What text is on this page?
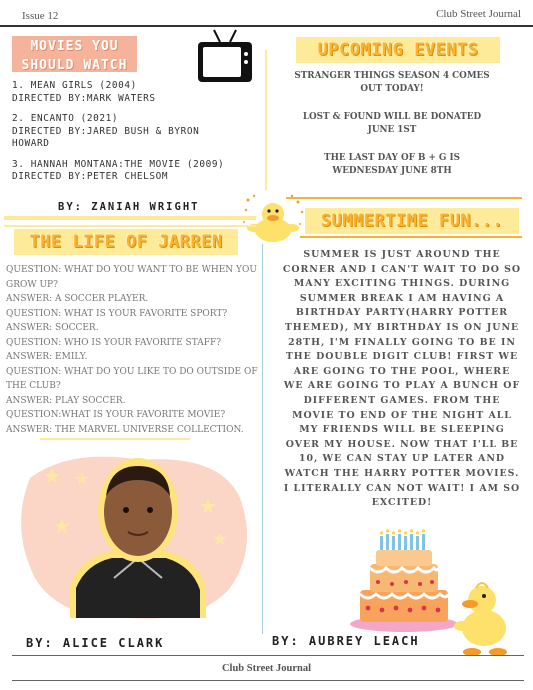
Issue 12	Club Street Journal
MOVIES YOU
SHOULD WATCH
1. MEAN GIRLS (2004)
DIRECTED BY:MARK WATERS
2. ENCANTO (2021)
DIRECTED BY:JARED BUSH & BYRON HOWARD
3. HANNAH MONTANA:THE MOVIE (2009)
DIRECTED BY:PETER CHELSOM
BY: ZANIAH WRIGHT
UPCOMING EVENTS

STRANGER THINGS SEASON 4 COMES OUT TODAY!

LOST & FOUND WILL BE DONATED JUNE 1ST

THE LAST DAY OF B + G IS WEDNESDAY JUNE 8TH

SUMMERTIME FUN...
THE LIFE OF JARREN
QUESTION: WHAT DO YOU WANT TO BE WHEN YOU GROW UP?
ANSWER: A SOCCER PLAYER.
QUESTION: WHAT IS YOUR FAVORITE SPORT?
ANSWER: SOCCER.
QUESTION: WHO IS YOUR FAVORITE STAFF?
ANSWER: EMILY.
QUESTION: WHAT DO YOU LIKE TO DO OUTSIDE OF THE CLUB?
ANSWER: PLAY SOCCER.
QUESTION:WHAT IS YOUR FAVORITE MOVIE?
ANSWER: THE MARVEL UNIVERSE COLLECTION.
SUMMER IS JUST AROUND THE CORNER AND I CAN'T WAIT TO DO SO MANY EXCITING THINGS. DURING SUMMER BREAK I AM HAVING A BIRTHDAY PARTY(HARRY POTTER THEMED), MY BIRTHDAY IS ON JUNE 28TH, I'M FINALLY GOING TO BE IN THE DOUBLE DIGIT CLUB! FIRST WE ARE GOING TO THE POOL, WHERE WE ARE GOING TO PLAY A BUNCH OF DIFFERENT GAMES. FROM THE MOVIE TO END OF THE NIGHT ALL MY FRIENDS WILL BE SLEEPING OVER MY HOUSE. NOW THAT I'LL BE 10, WE CAN STAY UP LATER AND WATCH THE HARRY POTTER MOVIES. I LITERALLY CAN NOT WAIT! I AM SO EXCITED!
BY: ALICE CLARK	BY: AUBREY LEACH
Club Street Journal
